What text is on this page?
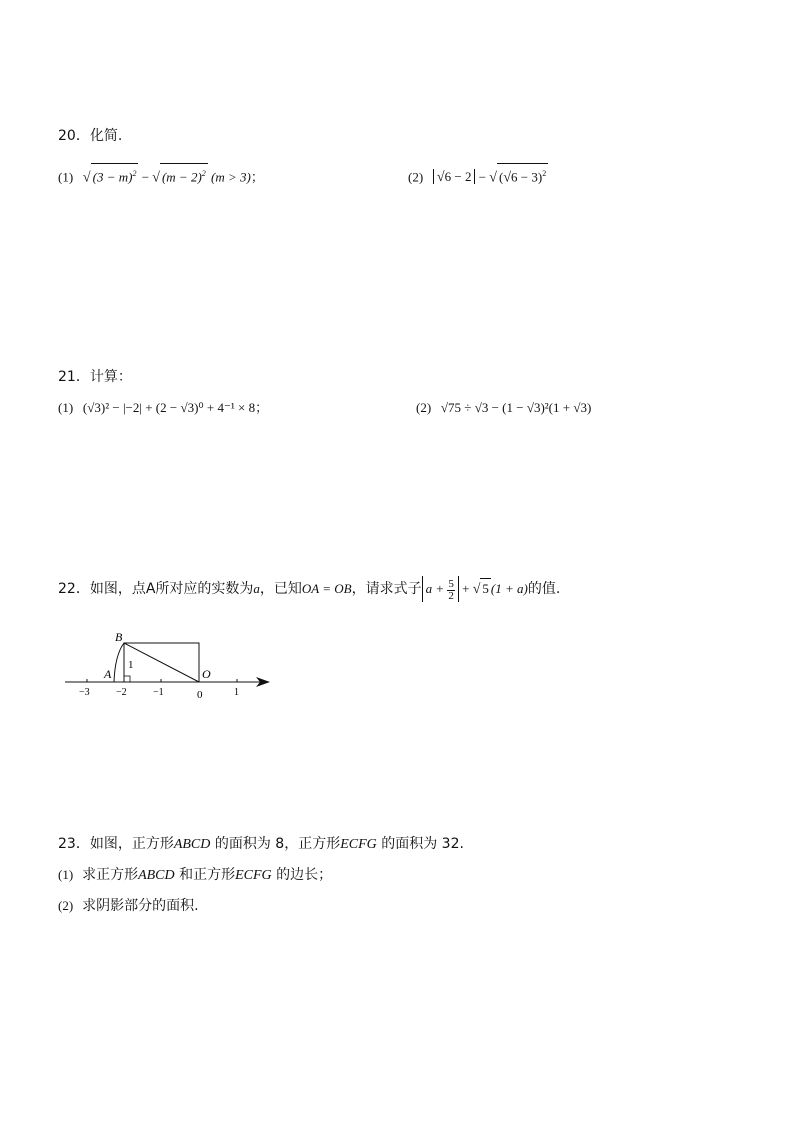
20．化简.
(1) √ $(3 - m)^2$ − √ $(m - 2)^2$ (m > 3)；	(2) √6 − 2 − √ $(√6 - 3)^2$
21．计算：
(1) (√3)² − |−2| + (2 − √3)⁰ + 4⁻¹ × 8；	(2) √75 ÷ √3 − (1 − √3)²(1 + √3)
22．如图，点A所对应的实数为a，已知OA = OB，请求式子 $a + \frac{5}{2}$ + √ 5 (1 + a)的值.
B
A	O
1
−3	−2	−1	0	1
23．如图，正方形ABCD 的面积为 8，正方形ECFG 的面积为 32.
(1) 求正方形ABCD 和正方形ECFG 的边长；
(2) 求阴影部分的面积.
